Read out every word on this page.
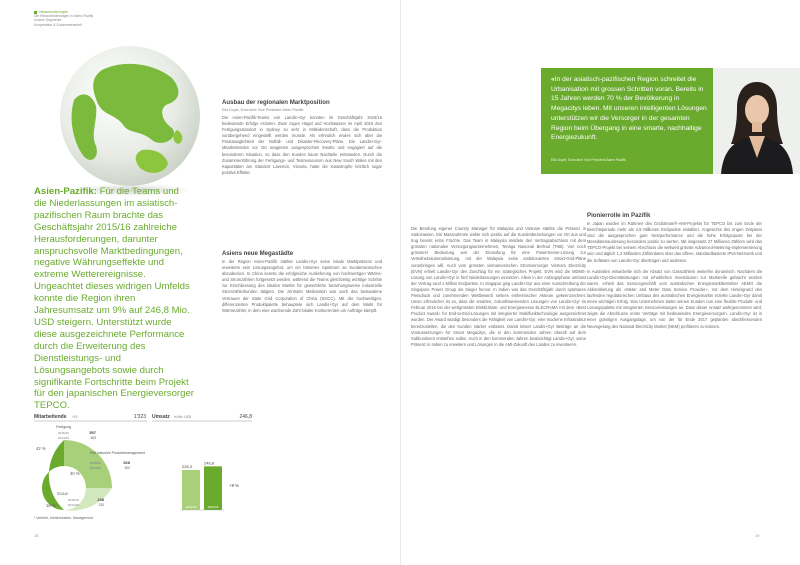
Herausforderungen
Die Herausforderungen in Asien-Pazifik
Unsere Segmente
Kooperation & Zusammenarbeit
Asien-Pazifik: Für die Teams und die Niederlassungen im asiatisch-pazifischen Raum brachte das Geschäftsjahr 2015/16 zahlreiche Herausforderungen, darunter anspruchsvolle Marktbedingungen, negative Währungseffekte und extreme Wetterereignisse. Ungeachtet dieses widrigen Umfelds konnte die Region ihren Jahresumsatz um 9% auf 246,8 Mio. USD steigern. Unterstützt wurde diese ausgezeichnete Performance durch die Erweiterung des Dienstleistungs- und Lösungsangebots sowie durch signifikante Fortschritte beim Projekt für den japanischen Energieversorger TEPCO.
Ausbau der regionalen Marktposition
Ella Doyle, Executive Vice President Asien Pazifik
Die Asien-Pazifik-Teams von Landis+Gyr konnten im Geschäftsjahr 2015/16 bedeutende Erfolge erzielen. Zwar zogen Hagel und Hochwasser im April 2015 den Fertigungsstandort in Sydney so sehr in Mitleidenschaft, dass die Produktion vorübergehend eingestellt werden musste. Als erfreulich erwies sich aber die Praxistauglichkeit der Notfall- und Disaster-Recovery-Pläne. Die Landis+Gyr-Mitarbeitenden vor Ort reagierten ausgesprochen kreativ und engagiert auf die besonderen Situation, so dass den Kunden kaum Nachteile entstanden. Durch die Zusammenführung der Fertigungs- und Testressourcen aus New South Wales mit den Kapazitäten am Standort Laverton, Victoria, hatte die Katastrophe letztlich sogar positive Effekte.
Asiens neue Megastädte
In der Region Asien-Pazifik stärkte Landis+Gyr seine lokale Marktpräsenz und erweiterte sein Lösungsangebot, um ein breiteres Spektrum an Kundenwünschen abzudecken. In China konnte die erfolgreiche Auslieferung von hochwertigen Wärme- und Stromzählern fortgesetzt werden, während die Teams gleichzeitig wichtige Schritte zur Erschliessung des lokalen Markts für gewerbliche beziehungsweise industrielle Stromzählerkunden tätigten. Die zentraler Meilenstein war auch das bestandene Vertrauen der State Grid Corporation of China (SGCC). Mit der hochwertigen, differenzierten Produktpalette behauptete sich Landis+Gyr auf dem Markt für Wärmezähler, in dem eine wachsende Zahl lokaler Konkurrenten um Aufträge kämpft.
Mitarbeitende +19	1'323 Umsatz in Mio. USD	246,8
42 %
Fertigung
2015/16	557
2014/15	603
40 %
Full inklusive Produktmanagement
2015/16	528
2014/15	502
18 %
SG&A*
2015/16	238
2014/15	230
226,3
2014/15
246,8
2015/16
+9 %
* Vertrieb, Administration, Management
18
«In der asiatisch-pazifischen Region schreitet die Urbanisation mit grossen Schritten voran. Bereits in 15 Jahren werden 70 % der Bevölkerung in Megacitys leben. Mit unseren intelligenten Lösungen unterstützen wir die Versorger in der gesamten Region beim Übergang in eine smarte, nachhaltige Energiezukunft.
Ella Doyle, Executive Vice President Asien Pazifik
Die Berufung eigener Country Manager für Malaysia und Vietnam stärkte die Präsenz in Südostasien. Die Massnahmen wirkte sich positiv auf die Kundenbeziehungen vor Ort aus und trug bereits erste Früchte. Das Team in Malaysia meldete den Vertragsabschluss mit dem grössten nationalen Versorgungsunternehmen, Tenaga Nasional Berhad (TNB). Von noch grösserer Bedeutung war der Einstufung für eine PowerSense-Lösung zur Verteilnetzautomatisierung, mit der Malaysia seine ambitionierten Smart-Grid-Pläne voranbringen will. Auch vom grössten vietnamesischen Stromversorger Vietnam Electricity (EVN) erhielt Landis+Gyr den Zuschlag für ein strategisches Projekt. EVN wird die MDMS-Lösung von Landis+Gyr in fünf Niederlassungen einsetzen. Allein in der Anfangsphase umfasst der Vertrag rund 1 Million Endpunkte. In Singapur ging Landis+Gyr aus einer Ausschreibung der Singapore Power Group als Sieger hervor. In Indien war das Geschäftsjahr durch spürbaren Preisdruck und zunehmenden Wettbewerb seitens einheimischer Akteure gekennzeichnet. Umso erfreulicher ist es, dass die smarten, zukunftsweisenden Lösungen von Landis+Gyr im Februar 2016 bei der weltgrössten Elektrizitäts- und Energiemesse ELECRAMA mit dem «Best Product Award» für End-to-End-Lösungen mit integrierter Mobilfunktechnologie ausgezeichnet wurden. Der Award würdigt besonders die Fähigkeit von Landis+Gyr, eine moderne Infrastruktur bereitzustellen, die den Kunden stärker entlastet. Damit leistet Landis+Gyr Beiträge an die Voraussetzungen für Smart Megacitys, die in den kommenden Jahren überall auf dem Subkontinent entstehen sollen. Auch in den kommenden Jahren beabsichtigt Landis+Gyr, seine Präsenz in Indien zu erweitern und Lösungen in die AMI-Zukunft des Landes zu investieren.
Pionierrolle im Pazifik
In Japan wurden im Rahmen des Gridstream®-AMI-Projekts für TEPCO bis zum Ende der Berichtsperiode mehr als 4,9 Millionen Endpunkte installiert. Angesichts des engen Zeitplans sind die ausgesprochen gute Netzperformance und die hohe Erfolgsquote bei der Messdatenauslesung besonders positiv zu werten. Mit insgesamt 27 Millionen Zählern wird das TEPCO-Projekt bei seinem Abschluss die weltweit grösste Advanced-Metering-Implementierung sein und täglich 1,3 Milliarden Zählerdaten über das offene, standardbasierte IPv6-Netzwerk und die Software von Landis+Gyr übertragen und auslesen.
In Australien entwickelte sich der Absatz von Gasszählern weiterhin dynamisch. Nachdem die Landis+Gyr-Dienstleistungen mit erheblichen Investitionen zur Marktreife gebracht worden waren, erhielt das Servicegeschäft vom australischen Energiemarktbetreiber AEMO die Akkreditierung als «Meter and Meter Data Service Provider». Vor dem Hintergrund des laufenden regulatorischen Umbaus des australischen Energiemarkts erzielte Landis+Gyr damit einen wichtigen Erfolg. Das Unternehmen bietet seinen Kunden nun eine flexible Produkt- und Lösungspalette mit integrierten Serviceleistungen an. Dass dieser Ansatz wahrgenommen wird, zeigte die Abschlusse erster Verträge mit bedeutenden Energieversorgern. Landis+Gyr ist in einer günstigen Ausgangslage, um von der für Ende 2017 geplanten abschliessenden Neuregelung des National Electricity Market (NEM) profitieren zu können.
19
